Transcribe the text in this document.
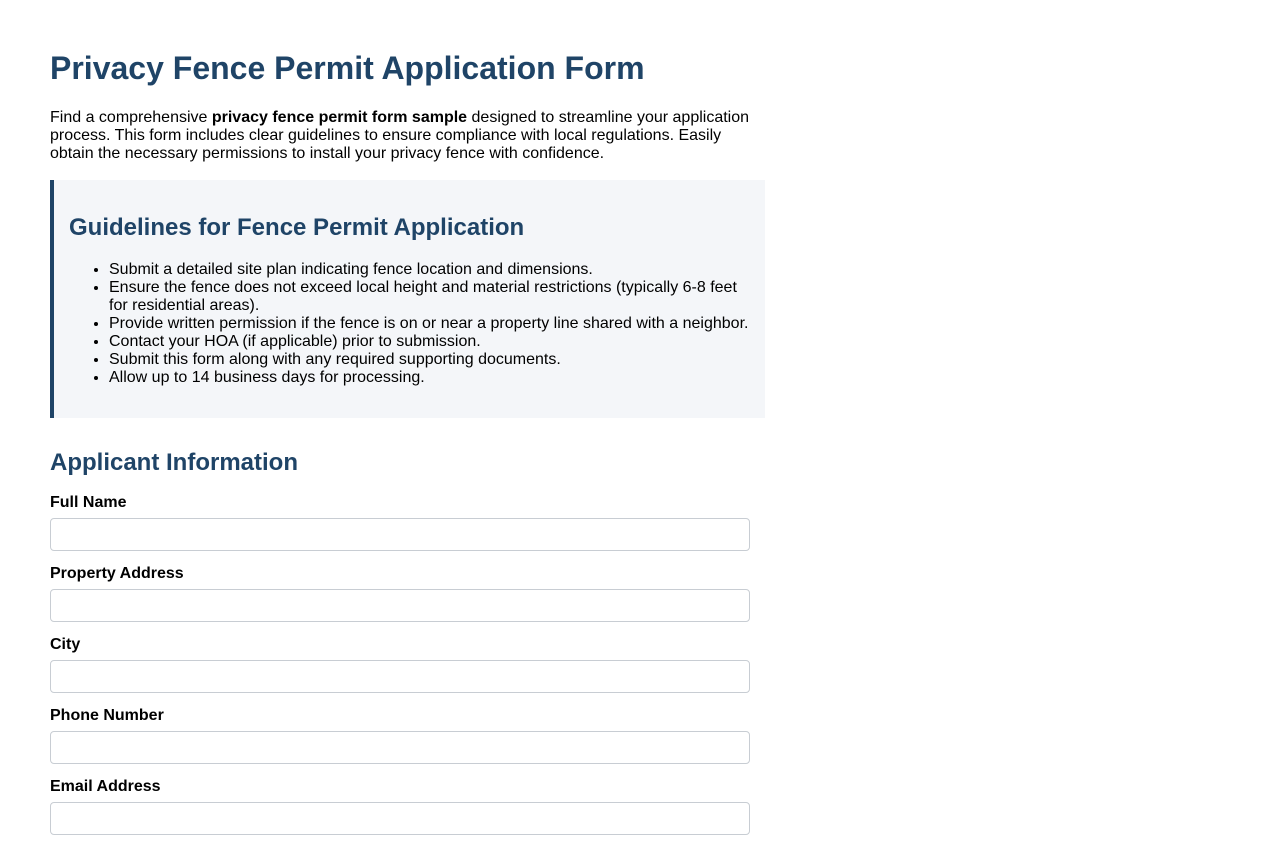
Privacy Fence Permit Application Form

Find a comprehensive privacy fence permit form sample designed to streamline your application process. This form includes clear guidelines to ensure compliance with local regulations. Easily obtain the necessary permissions to install your privacy fence with confidence.

Guidelines for Fence Permit Application
• Submit a detailed site plan indicating fence location and dimensions.
• Ensure the fence does not exceed local height and material restrictions (typically 6-8 feet for residential areas).
• Provide written permission if the fence is on or near a property line shared with a neighbor.
• Contact your HOA (if applicable) prior to submission.
• Submit this form along with any required supporting documents.
• Allow up to 14 business days for processing.
Applicant Information
Full Name
Property Address
City
Phone Number
Email Address
